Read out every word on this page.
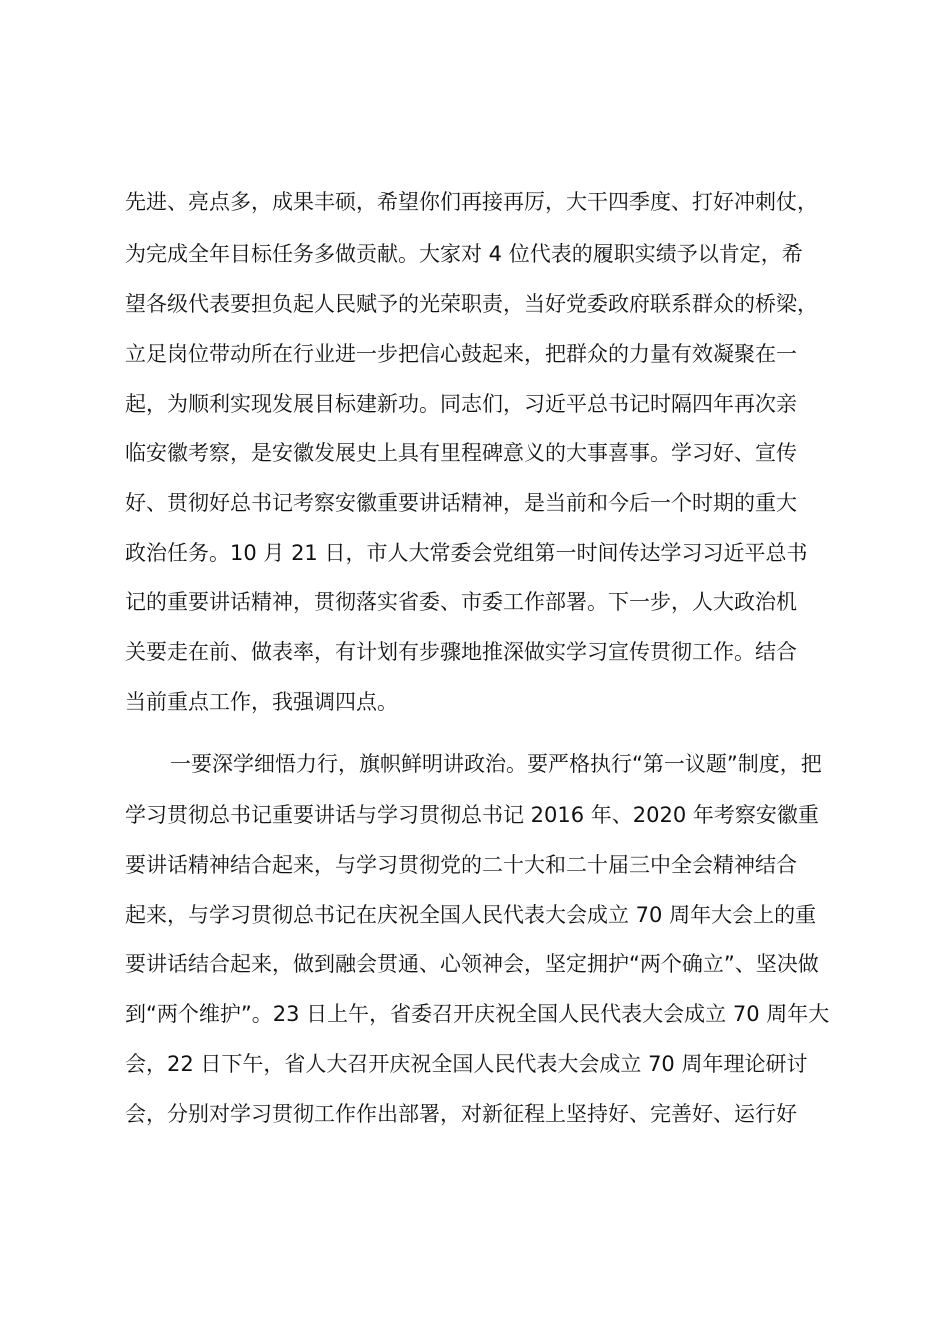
先进、亮点多，成果丰硕，希望你们再接再厉，大干四季度、打好冲刺仗，
为完成全年目标任务多做贡献。大家对 4 位代表的履职实绩予以肯定，希
望各级代表要担负起人民赋予的光荣职责，当好党委政府联系群众的桥梁，
立足岗位带动所在行业进一步把信心鼓起来，把群众的力量有效凝聚在一
起，为顺利实现发展目标建新功。同志们，习近平总书记时隔四年再次亲
临安徽考察，是安徽发展史上具有里程碑意义的大事喜事。学习好、宣传
好、贯彻好总书记考察安徽重要讲话精神，是当前和今后一个时期的重大
政治任务。10 月 21 日，市人大常委会党组第一时间传达学习习近平总书
记的重要讲话精神，贯彻落实省委、市委工作部署。下一步，人大政治机
关要走在前、做表率，有计划有步骤地推深做实学习宣传贯彻工作。结合
当前重点工作，我强调四点。
一要深学细悟力行，旗帜鲜明讲政治。要严格执行“第一议题”制度，把
学习贯彻总书记重要讲话与学习贯彻总书记 2016 年、2020 年考察安徽重
要讲话精神结合起来，与学习贯彻党的二十大和二十届三中全会精神结合
起来，与学习贯彻总书记在庆祝全国人民代表大会成立 70 周年大会上的重
要讲话结合起来，做到融会贯通、心领神会，坚定拥护“两个确立”、坚决做
到“两个维护”。23 日上午，省委召开庆祝全国人民代表大会成立 70 周年大
会，22 日下午，省人大召开庆祝全国人民代表大会成立 70 周年理论研讨
会，分别对学习贯彻工作作出部署，对新征程上坚持好、完善好、运行好
